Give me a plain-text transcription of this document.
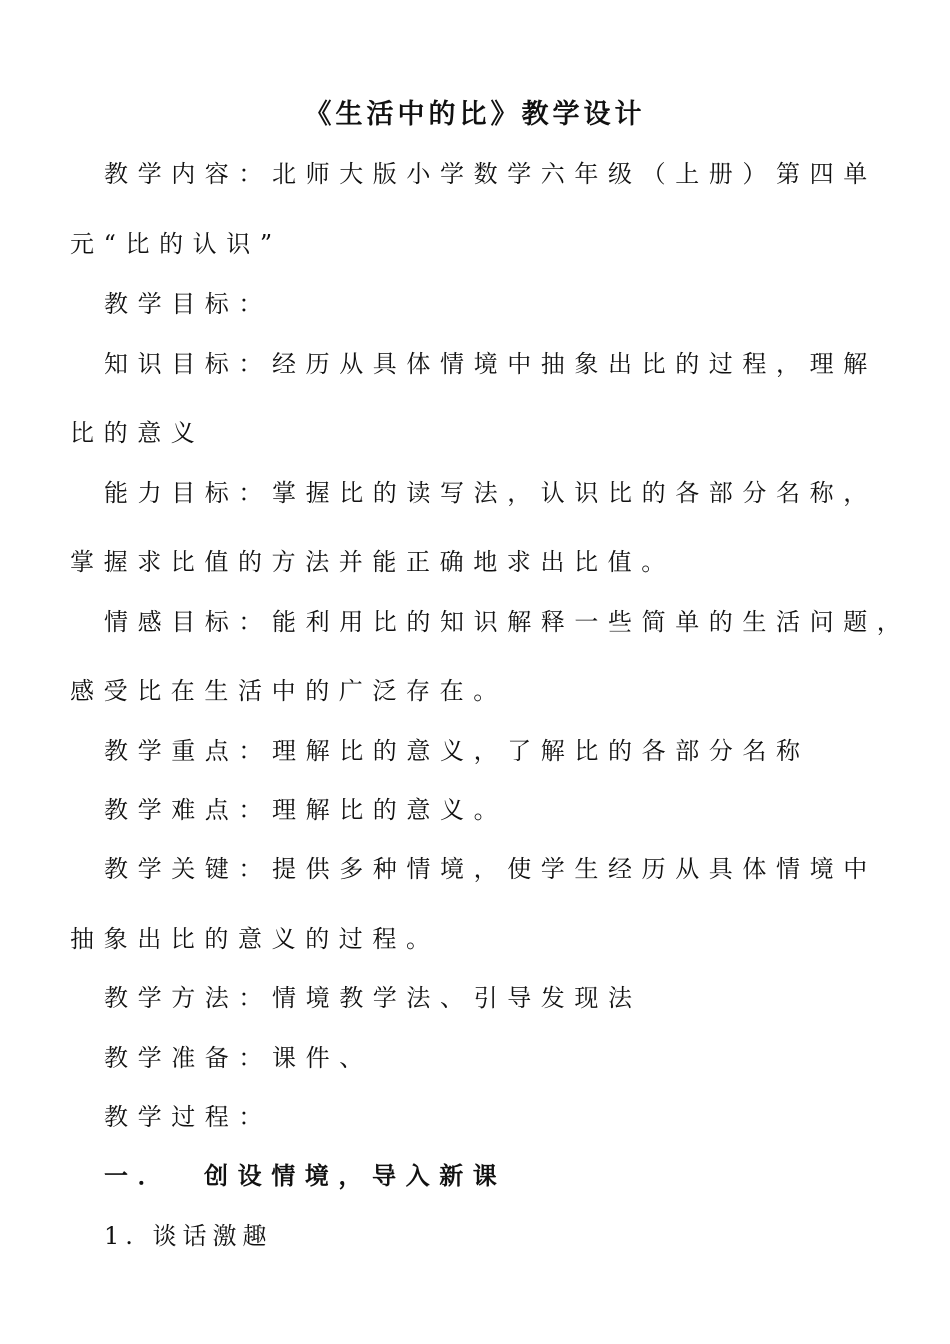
《生活中的比》教学设计
教学内容：北师大版小学数学六年级（上册）第四单
元“比的认识”
教学目标：
知识目标：经历从具体情境中抽象出比的过程，理解
比的意义
能力目标：掌握比的读写法，认识比的各部分名称，
掌握求比值的方法并能正确地求出比值。
情感目标：能利用比的知识解释一些简单的生活问题，
感受比在生活中的广泛存在。
教学重点：理解比的意义，了解比的各部分名称
教学难点：理解比的意义。
教学关键：提供多种情境，使学生经历从具体情境中
抽象出比的意义的过程。
教学方法：情境教学法、引导发现法
教学准备：课件、
教学过程：
一． 创设情境，导入新课
1. 谈话激趣
